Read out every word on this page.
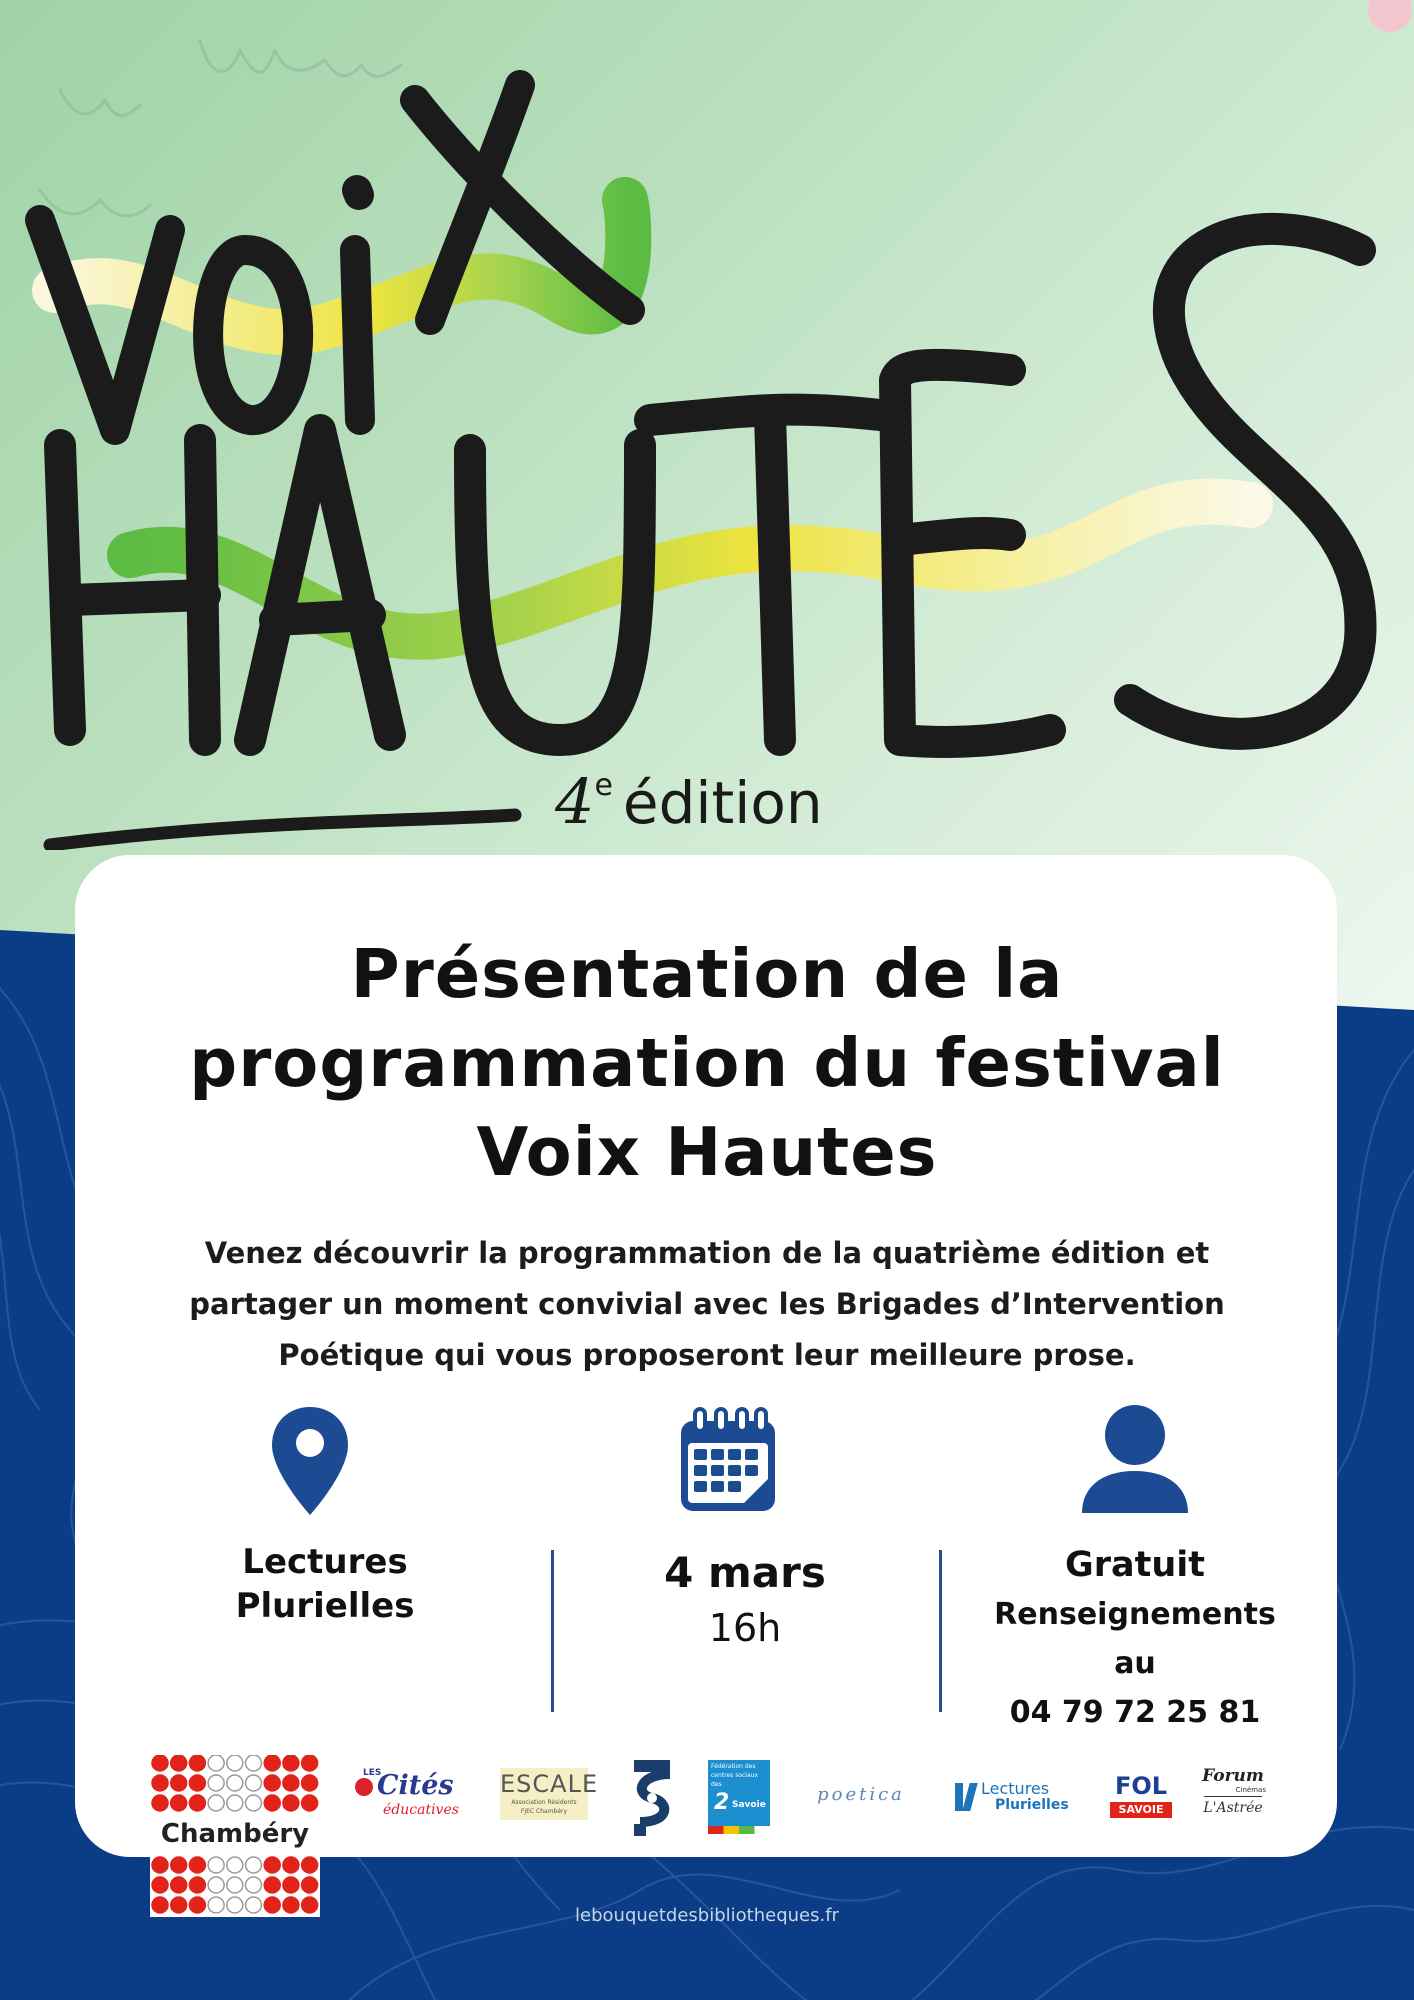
4e édition
Présentation de la
programmation du festival
Voix Hautes
Venez découvrir la programmation de la quatrième édition et
partager un moment convivial avec les Brigades d’Intervention
Poétique qui vous proposeront leur meilleure prose.
Lectures
Plurielles
4 mars
16h
Gratuit
Renseignements
au
04 79 72 25 81
Chambéry
LES
Cités
éducatives
ESCALE
Association Résidents
FJEC Chambéry
Fédération des
centres sociaux
des
2 Savoie	poetica	Lectures
Plurielles
FOL
SAVOIE
Forum
Cinémas
L'Astrée
lebouquetdesbibliotheques.fr
